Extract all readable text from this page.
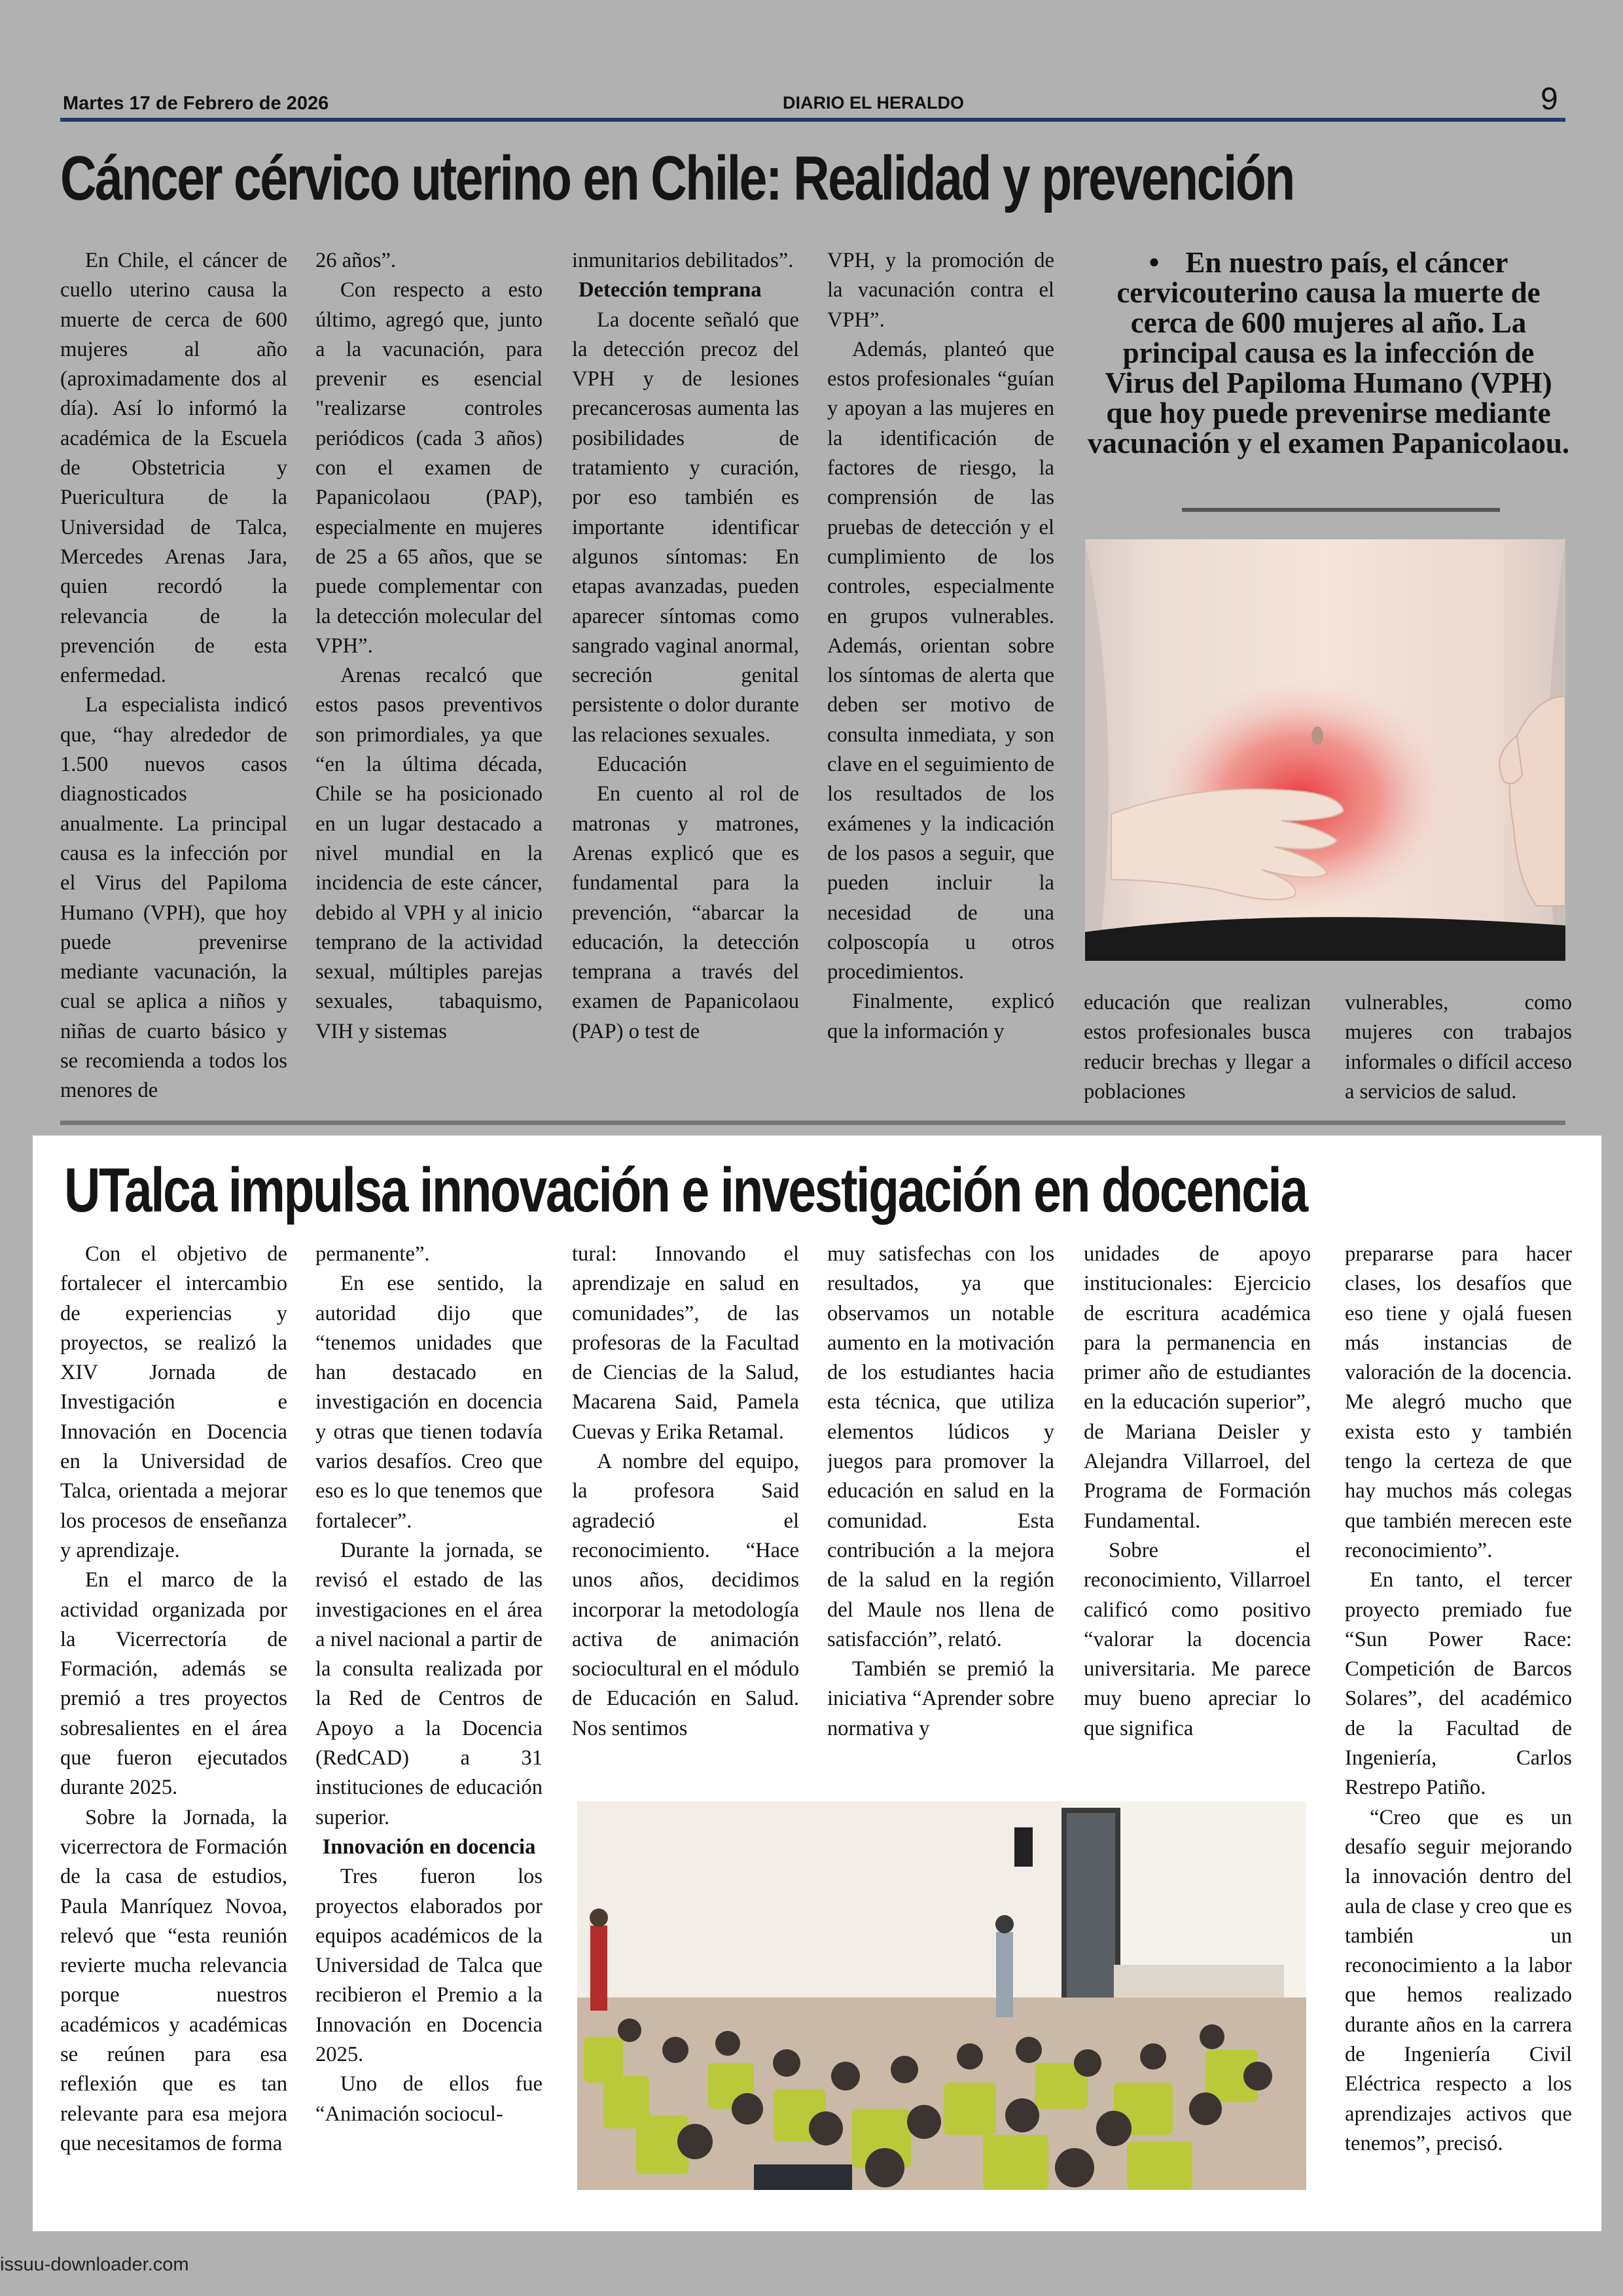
Martes 17 de Febrero de 2026	DIARIO EL HERALDO	9
Cáncer cérvico uterino en Chile: Realidad y prevención

En Chile, el cáncer de cuello uterino causa la muerte de cerca de 600 mujeres al año (aproximadamente dos al día). Así lo informó la académica de la Escuela de Obstetricia y Puericultura de la Universidad de Talca, Mercedes Arenas Jara, quien recordó la relevancia de la prevención de esta enfermedad.

La especialista indicó que, “hay alrededor de 1.500 nuevos casos diagnosticados anualmente. La principal causa es la infección por el Virus del Papiloma Humano (VPH), que hoy puede prevenirse mediante vacunación, la cual se aplica a niños y niñas de cuarto básico y se recomienda a todos los menores de

26 años”.

Con respecto a esto último, agregó que, junto a la vacunación, para prevenir es esencial "realizarse controles periódicos (cada 3 años) con el examen de Papanicolaou (PAP), especialmente en mujeres de 25 a 65 años, que se puede complementar con la detección molecular del VPH”.

Arenas recalcó que estos pasos preventivos son primordiales, ya que “en la última década, Chile se ha posicionado en un lugar destacado a nivel mundial en la incidencia de este cáncer, debido al VPH y al inicio temprano de la actividad sexual, múltiples parejas sexuales, tabaquismo, VIH y sistemas

inmunitarios debilitados”.

Detección temprana

La docente señaló que la detección precoz del VPH y de lesiones precancerosas aumenta las posibilidades de tratamiento y curación, por eso también es importante identificar algunos síntomas: En etapas avanzadas, pueden aparecer síntomas como sangrado vaginal anormal, secreción genital persistente o dolor durante las relaciones sexuales.

Educación

En cuento al rol de matronas y matrones, Arenas explicó que es fundamental para la prevención, “abarcar la educación, la detección temprana a través del examen de Papanicolaou (PAP) o test de

VPH, y la promoción de la vacunación contra el VPH”.

Además, planteó que estos profesionales “guían y apoyan a las mujeres en la identificación de factores de riesgo, la comprensión de las pruebas de detección y el cumplimiento de los controles, especialmente en grupos vulnerables. Además, orientan sobre los síntomas de alerta que deben ser motivo de consulta inmediata, y son clave en el seguimiento de los resultados de los exámenes y la indicación de los pasos a seguir, que pueden incluir la necesidad de una colposcopía u otros procedimientos.

Finalmente, explicó que la información y

• En nuestro país, el cáncer cervicouterino causa la muerte de cerca de 600 mujeres al año. La principal causa es la infección de Virus del Papiloma Humano (VPH) que hoy puede prevenirse mediante vacunación y el examen Papanicolaou.

educación que realizan estos profesionales busca reducir brechas y llegar a poblaciones

vulnerables, como mujeres con trabajos informales o difícil acceso a servicios de salud.

UTalca impulsa innovación e investigación en docencia

Con el objetivo de fortalecer el intercambio de experiencias y proyectos, se realizó la XIV Jornada de Investigación e Innovación en Docencia en la Universidad de Talca, orientada a mejorar los procesos de enseñanza y aprendizaje.

En el marco de la actividad organizada por la Vicerrectoría de Formación, además se premió a tres proyectos sobresalientes en el área que fueron ejecutados durante 2025.

Sobre la Jornada, la vicerrectora de Formación de la casa de estudios, Paula Manríquez Novoa, relevó que “esta reunión revierte mucha relevancia porque nuestros académicos y académicas se reúnen para esa reflexión que es tan relevante para esa mejora que necesitamos de forma

permanente”.

En ese sentido, la autoridad dijo que “tenemos unidades que han destacado en investigación en docencia y otras que tienen todavía varios desafíos. Creo que eso es lo que tenemos que fortalecer”.

Durante la jornada, se revisó el estado de las investigaciones en el área a nivel nacional a partir de la consulta realizada por la Red de Centros de Apoyo a la Docencia (RedCAD) a 31 instituciones de educación superior.

Innovación en docencia

Tres fueron los proyectos elaborados por equipos académicos de la Universidad de Talca que recibieron el Premio a la Innovación en Docencia 2025.

Uno de ellos fue “Animación sociocul-

tural: Innovando el aprendizaje en salud en comunidades”, de las profesoras de la Facultad de Ciencias de la Salud, Macarena Said, Pamela Cuevas y Erika Retamal.

A nombre del equipo, la profesora Said agradeció el reconocimiento. “Hace unos años, decidimos incorporar la metodología activa de animación sociocultural en el módulo de Educación en Salud. Nos sentimos

muy satisfechas con los resultados, ya que observamos un notable aumento en la motivación de los estudiantes hacia esta técnica, que utiliza elementos lúdicos y juegos para promover la educación en salud en la comunidad. Esta contribución a la mejora de la salud en la región del Maule nos llena de satisfacción”, relató.

También se premió la iniciativa “Aprender sobre normativa y

unidades de apoyo institucionales: Ejercicio de escritura académica para la permanencia en primer año de estudiantes en la educación superior”, de Mariana Deisler y Alejandra Villarroel, del Programa de Formación Fundamental.

Sobre el reconocimiento, Villarroel calificó como positivo “valorar la docencia universitaria. Me parece muy bueno apreciar lo que significa

prepararse para hacer clases, los desafíos que eso tiene y ojalá fuesen más instancias de valoración de la docencia. Me alegró mucho que exista esto y también tengo la certeza de que hay muchos más colegas que también merecen este reconocimiento”.

En tanto, el tercer proyecto premiado fue “Sun Power Race: Competición de Barcos Solares”, del académico de la Facultad de Ingeniería, Carlos Restrepo Patiño.

“Creo que es un desafío seguir mejorando la innovación dentro del aula de clase y creo que es también un reconocimiento a la labor que hemos realizado durante años en la carrera de Ingeniería Civil Eléctrica respecto a los aprendizajes activos que tenemos”, precisó.

issuu-downloader.com
